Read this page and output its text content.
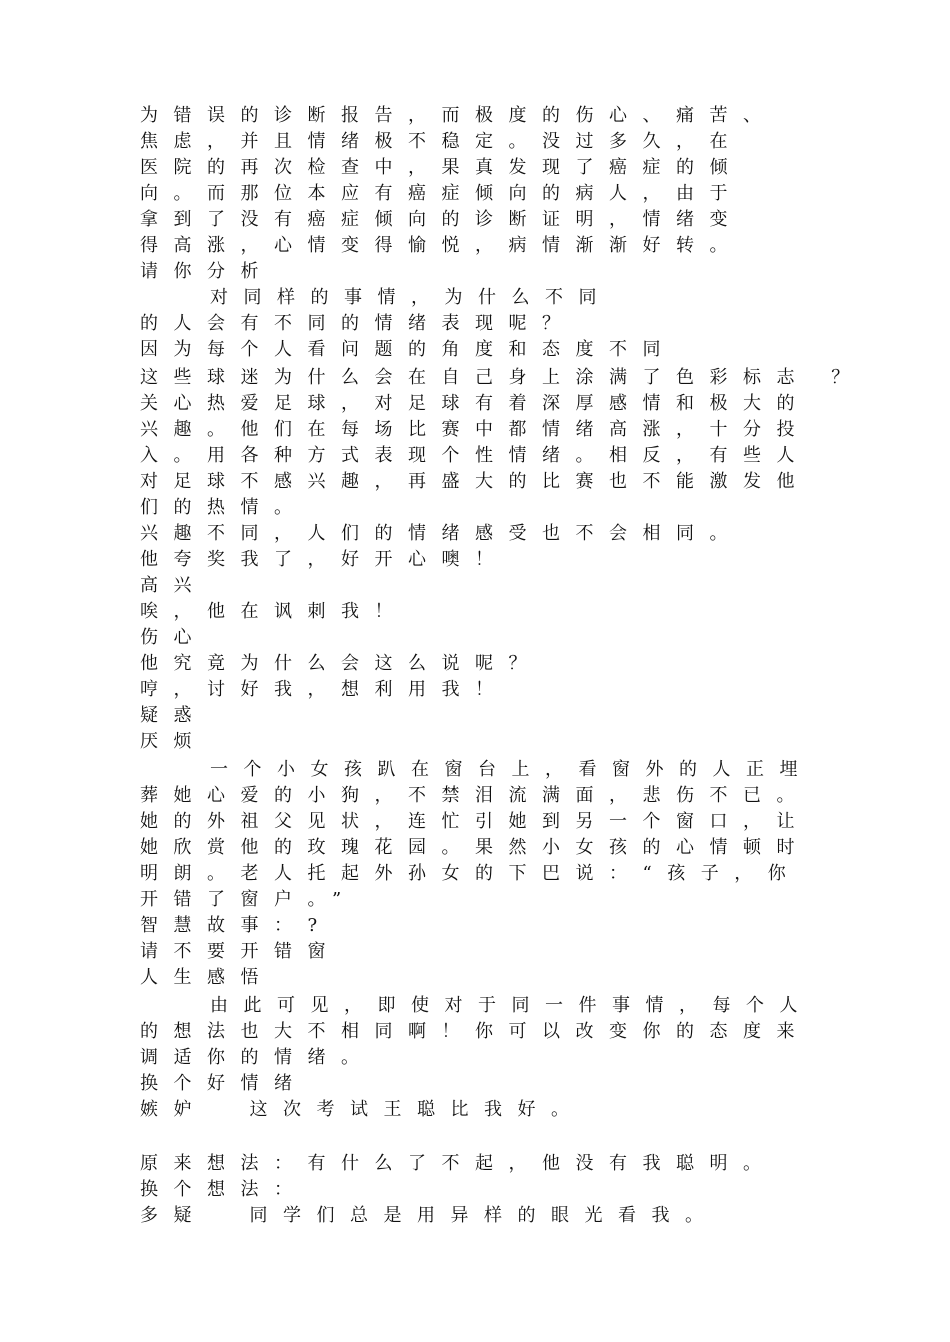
为错误的诊断报告，而极度的伤心、痛苦、
焦虑，并且情绪极不稳定。没过多久，在
医院的再次检查中，果真发现了癌症的倾
向。而那位本应有癌症倾向的病人，由于
拿到了没有癌症倾向的诊断证明，情绪变
得高涨，心情变得愉悦，病情渐渐好转。
请你分析
对同样的事情，为什么不同
的人会有不同的情绪表现呢？
因为每个人看问题的角度和态度不同
这些球迷为什么会在自己身上涂满了色彩标志 ？
关心热爱足球，对足球有着深厚感情和极大的
兴趣。他们在每场比赛中都情绪高涨，十分投
入。用各种方式表现个性情绪。相反，有些人
对足球不感兴趣，再盛大的比赛也不能激发他
们的热情。
兴趣不同，人们的情绪感受也不会相同。
他夸奖我了，好开心噢！
高兴
唉，他在讽刺我！
伤心
他究竟为什么会这么说呢？
哼，讨好我，想利用我！
疑惑
厌烦
一个小女孩趴在窗台上，看窗外的人正埋
葬她心爱的小狗，不禁泪流满面，悲伤不已。
她的外祖父见状，连忙引她到另一个窗口，让
她欣赏他的玫瑰花园。果然小女孩的心情顿时
明朗。老人托起外孙女的下巴说：“孩子，你
开错了窗户。”
智慧故事：?
请不要开错窗
人生感悟
由此可见，即使对于同一件事情，每个人
的想法也大不相同啊！你可以改变你的态度来
调适你的情绪。
换个好情绪
嫉妒  这次考试王聪比我好。
原来想法：有什么了不起，他没有我聪明。
换个想法：
多疑  同学们总是用异样的眼光看我。
